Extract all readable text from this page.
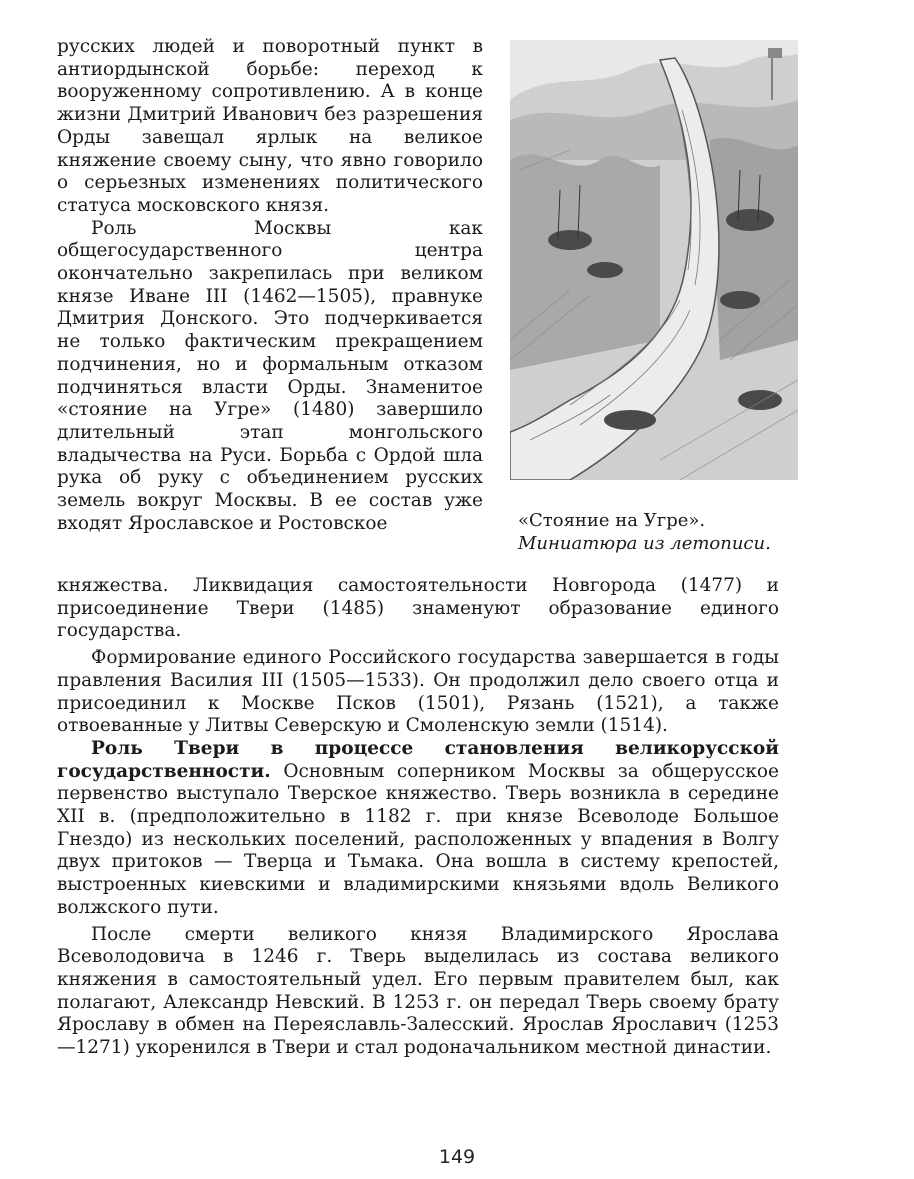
русских людей и поворотный пункт в антиордынской борьбе: переход к вооруженному сопротивлению. А в конце жизни Дмитрий Иванович без разрешения Орды завещал ярлык на великое княжение своему сыну, что явно говорило о серьезных изменениях политического статуса московского князя.

Роль Москвы как общегосударственного центра окончательно закрепилась при великом князе Иване III (1462—1505), правнуке Дмитрия Донского. Это подчеркивается не только фактическим прекращением подчинения, но и формальным отказом подчиняться власти Орды. Знаменитое «стояние на Угре» (1480) завершило длительный этап монгольского владычества на Руси. Борьба с Ордой шла рука об руку с объединением русских земель вокруг Москвы. В ее состав уже входят Ярославское и Ростовское	«Стояние на Угре». Миниатюра из летописи.

княжества. Ликвидация самостоятельности Новгорода (1477) и присоединение Твери (1485) знаменуют образование единого государства.

Формирование единого Российского государства завершается в годы правления Василия III (1505—1533). Он продолжил дело своего отца и присоединил к Москве Псков (1501), Рязань (1521), а также отвоеванные у Литвы Северскую и Смоленскую земли (1514).

Роль Твери в процессе становления великорусской государственности. Основным соперником Москвы за общерусское первенство выступало Тверское княжество. Тверь возникла в середине XII в. (предположительно в 1182 г. при князе Всеволоде Большое Гнездо) из нескольких поселений, расположенных у впадения в Волгу двух притоков — Тверца и Тьмака. Она вошла в систему крепостей, выстроенных киевскими и владимирскими князьями вдоль Великого волжского пути.

После смерти великого князя Владимирского Ярослава Всеволодовича в 1246 г. Тверь выделилась из состава великого княжения в самостоятельный удел. Его первым правителем был, как полагают, Александр Невский. В 1253 г. он передал Тверь своему брату Ярославу в обмен на Переяславль-Залесский. Ярослав Ярославич (1253—1271) укоренился в Твери и стал родоначальником местной династии.

149
